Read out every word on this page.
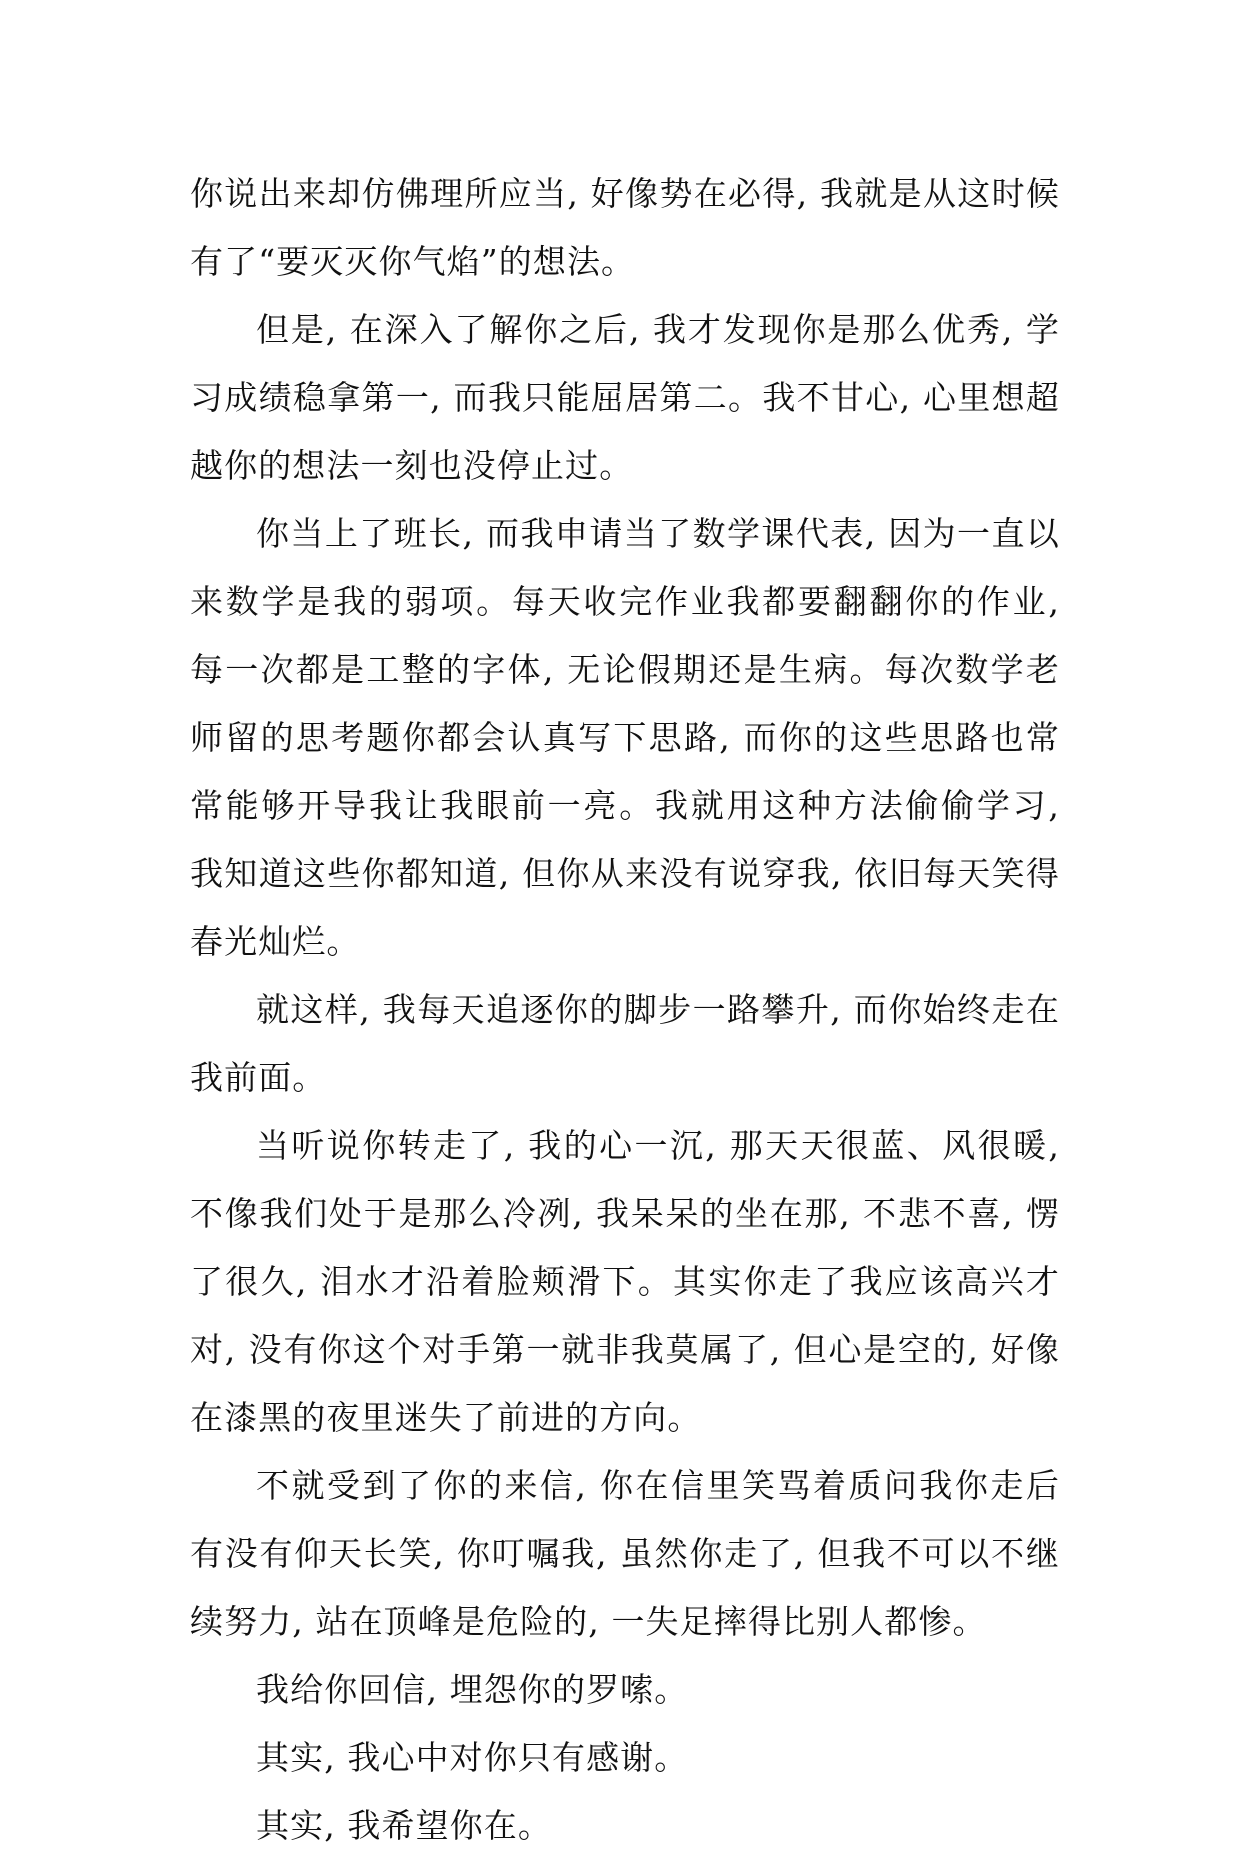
你说出来却仿佛理所应当, 好像势在必得, 我就是从这时候有了“要灭灭你气焰”的想法。

但是, 在深入了解你之后, 我才发现你是那么优秀, 学习成绩稳拿第一, 而我只能屈居第二。我不甘心, 心里想超越你的想法一刻也没停止过。

你当上了班长, 而我申请当了数学课代表, 因为一直以来数学是我的弱项。每天收完作业我都要翻翻你的作业, 每一次都是工整的字体, 无论假期还是生病。每次数学老师留的思考题你都会认真写下思路, 而你的这些思路也常常能够开导我让我眼前一亮。我就用这种方法偷偷学习, 我知道这些你都知道, 但你从来没有说穿我, 依旧每天笑得春光灿烂。

就这样, 我每天追逐你的脚步一路攀升, 而你始终走在我前面。

当听说你转走了, 我的心一沉, 那天天很蓝、风很暖, 不像我们处于是那么冷冽, 我呆呆的坐在那, 不悲不喜, 愣了很久, 泪水才沿着脸颊滑下。其实你走了我应该高兴才对, 没有你这个对手第一就非我莫属了, 但心是空的, 好像在漆黑的夜里迷失了前进的方向。

不就受到了你的来信, 你在信里笑骂着质问我你走后有没有仰天长笑, 你叮嘱我, 虽然你走了, 但我不可以不继续努力, 站在顶峰是危险的, 一失足摔得比别人都惨。

我给你回信, 埋怨你的罗嗦。

其实, 我心中对你只有感谢。

其实, 我希望你在。
